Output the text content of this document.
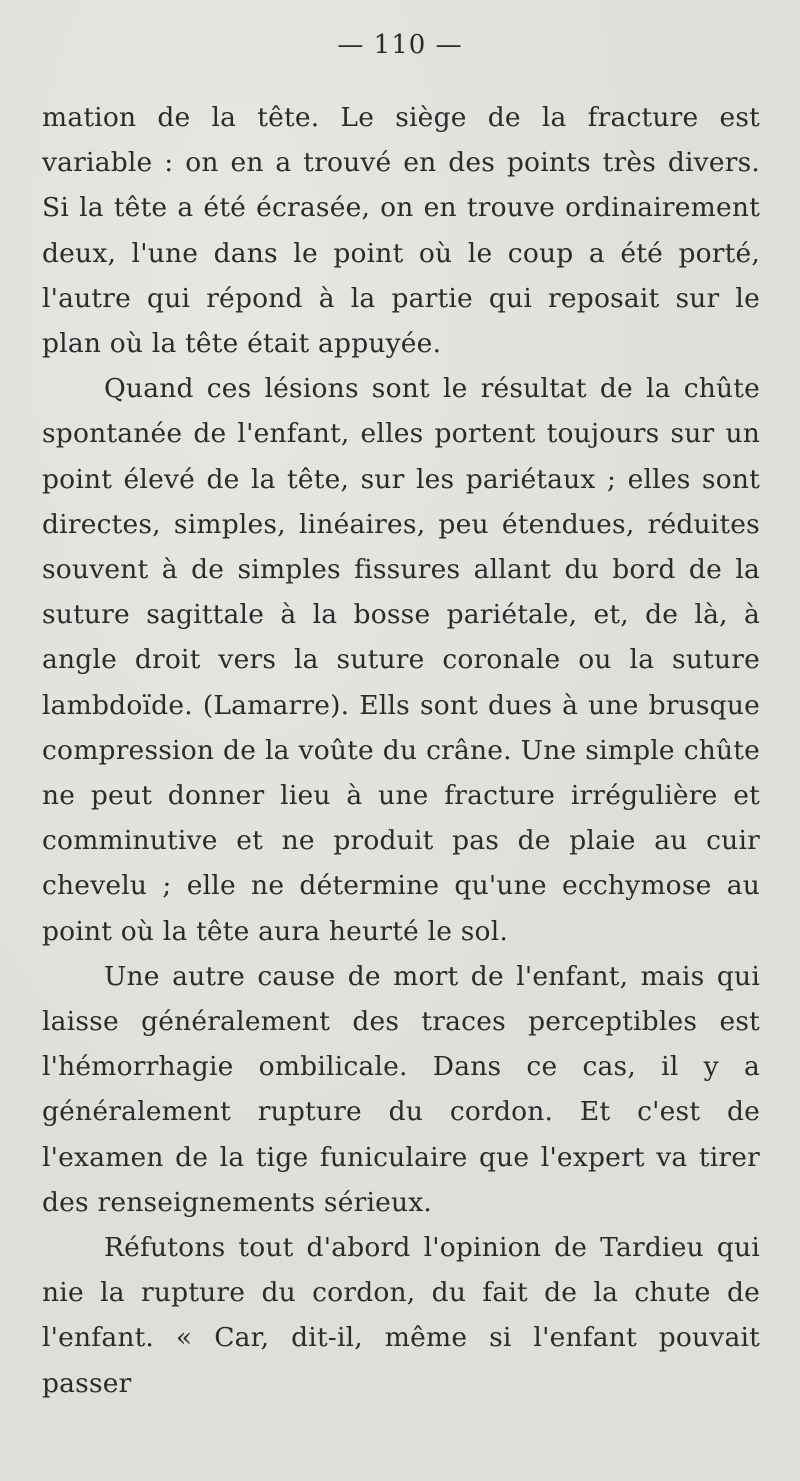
— 110 —

mation de la tête. Le siège de la fracture est variable : on en a trouvé en des points très divers. Si la tête a été écrasée, on en trouve ordinairement deux, l'une dans le point où le coup a été porté, l'autre qui répond à la partie qui reposait sur le plan où la tête était appuyée.

Quand ces lésions sont le résultat de la chûte spontanée de l'enfant, elles portent toujours sur un point élevé de la tête, sur les pariétaux ; elles sont directes, simples, linéaires, peu étendues, réduites souvent à de simples fissures allant du bord de la suture sagittale à la bosse pariétale, et, de là, à angle droit vers la suture coronale ou la suture lambdoïde. (Lamarre). Ells sont dues à une brusque compression de la voûte du crâne. Une simple chûte ne peut donner lieu à une fracture irrégulière et comminutive et ne produit pas de plaie au cuir chevelu ; elle ne détermine qu'une ecchymose au point où la tête aura heurté le sol.

Une autre cause de mort de l'enfant, mais qui laisse généralement des traces perceptibles est l'hémorrhagie ombilicale. Dans ce cas, il y a généralement rupture du cordon. Et c'est de l'examen de la tige funiculaire que l'expert va tirer des renseignements sérieux.

Réfutons tout d'abord l'opinion de Tardieu qui nie la rupture du cordon, du fait de la chute de l'enfant. « Car, dit-il, même si l'enfant pouvait passer
